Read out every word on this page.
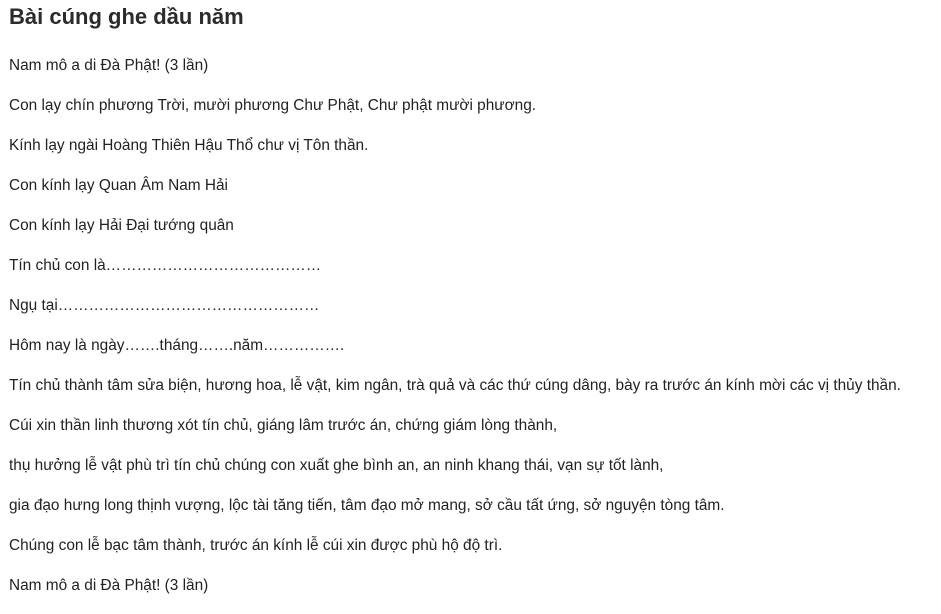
Bài cúng ghe dầu năm

Nam mô a di Đà Phật! (3 lần)

Con lạy chín phương Trời, mười phương Chư Phật, Chư phật mười phương.

Kính lạy ngài Hoàng Thiên Hậu Thổ chư vị Tôn thần.

Con kính lạy Quan Âm Nam Hải

Con kính lạy Hải Đại tướng quân

Tín chủ con là……………………………………

Ngụ tại……………………………………………

Hôm nay là ngày…….tháng…….năm…………….

Tín chủ thành tâm sửa biện, hương hoa, lễ vật, kim ngân, trà quả và các thứ cúng dâng, bày ra trước án kính mời các vị thủy thần.

Cúi xin thần linh thương xót tín chủ, giáng lâm trước án, chứng giám lòng thành,

thụ hưởng lễ vật phù trì tín chủ chúng con xuất ghe bình an, an ninh khang thái, vạn sự tốt lành,

gia đạo hưng long thịnh vượng, lộc tài tăng tiến, tâm đạo mở mang, sở cầu tất ứng, sở nguyện tòng tâm.

Chúng con lễ bạc tâm thành, trước án kính lễ cúi xin được phù hộ độ trì.

Nam mô a di Đà Phật! (3 lần)
